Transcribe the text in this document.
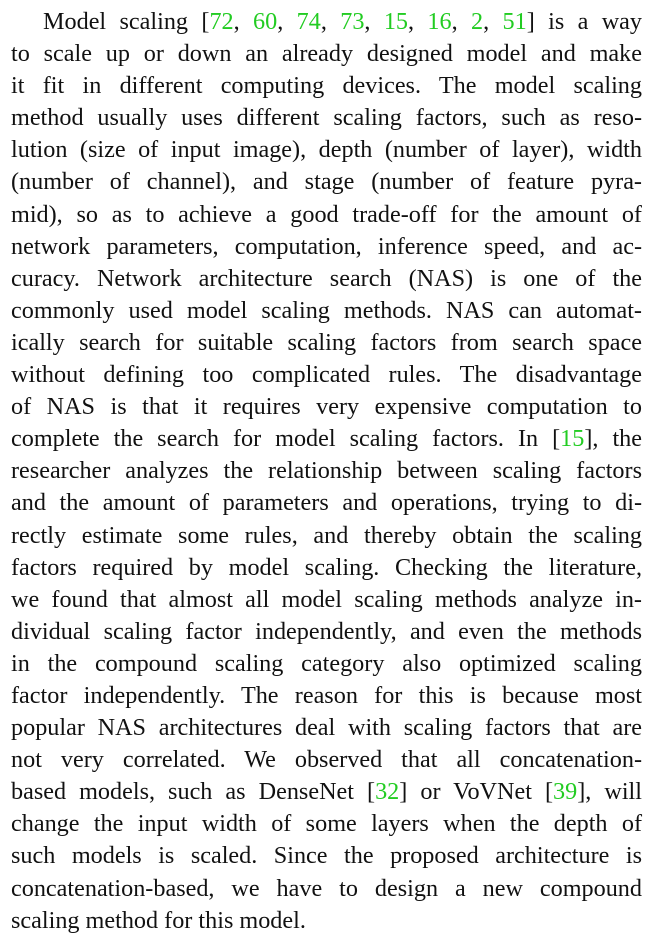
Model scaling [72, 60, 74, 73, 15, 16, 2, 51] is a way
to scale up or down an already designed model and make
it fit in different computing devices. The model scaling
method usually uses different scaling factors, such as reso-
lution (size of input image), depth (number of layer), width
(number of channel), and stage (number of feature pyra-
mid), so as to achieve a good trade-off for the amount of
network parameters, computation, inference speed, and ac-
curacy. Network architecture search (NAS) is one of the
commonly used model scaling methods. NAS can automat-
ically search for suitable scaling factors from search space
without defining too complicated rules. The disadvantage
of NAS is that it requires very expensive computation to
complete the search for model scaling factors. In [15], the
researcher analyzes the relationship between scaling factors
and the amount of parameters and operations, trying to di-
rectly estimate some rules, and thereby obtain the scaling
factors required by model scaling. Checking the literature,
we found that almost all model scaling methods analyze in-
dividual scaling factor independently, and even the methods
in the compound scaling category also optimized scaling
factor independently. The reason for this is because most
popular NAS architectures deal with scaling factors that are
not very correlated. We observed that all concatenation-
based models, such as DenseNet [32] or VoVNet [39], will
change the input width of some layers when the depth of
such models is scaled. Since the proposed architecture is
concatenation-based, we have to design a new compound
scaling method for this model.
